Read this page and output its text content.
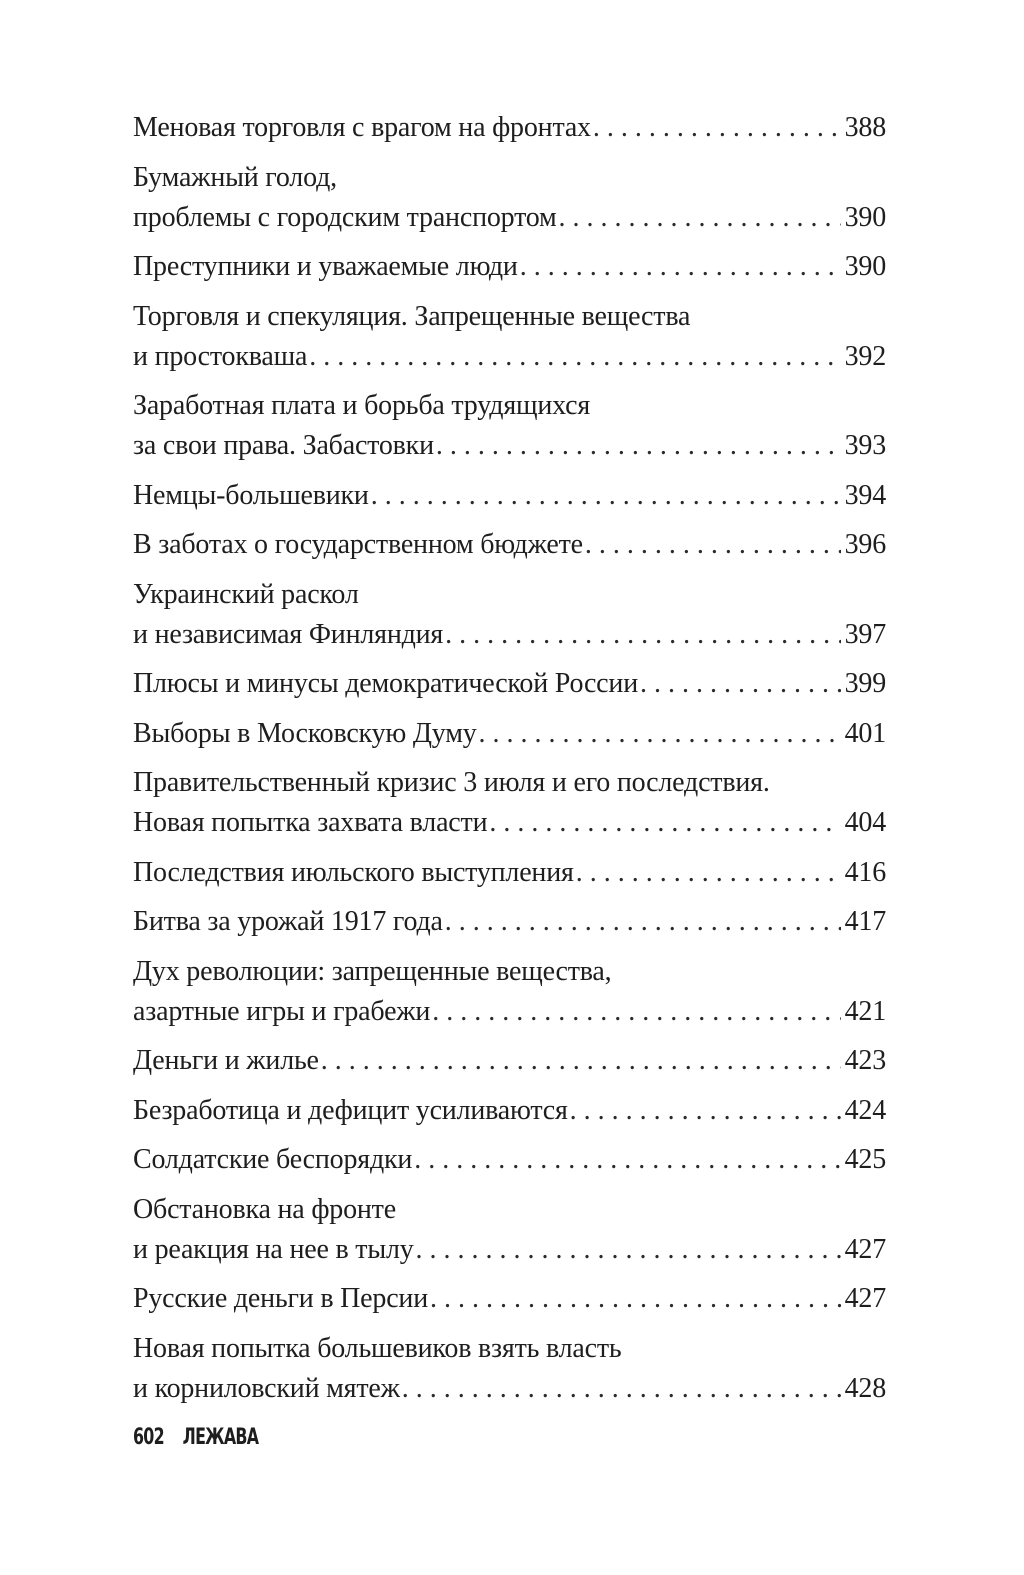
Меновая торговля с врагом на фронтах . . .	388
Бумажный голод,
проблемы с городским транспортом . . .	390
Преступники и уважаемые люди . . .	390
Торговля и спекуляция. Запрещенные вещества
и простокваша . . .	392
Заработная плата и борьба трудящихся
за свои права. Забастовки . . .	393
Немцы-большевики . . .	394
В заботах о государственном бюджете . . .	396
Украинский раскол
и независимая Финляндия . . .	397
Плюсы и минусы демократической России . . .	399
Выборы в Московскую Думу . . .	401
Правительственный кризис 3 июля и его последствия.
Новая попытка захвата власти . . .	404
Последствия июльского выступления . . .	416
Битва за урожай 1917 года . . .	417
Дух революции: запрещенные вещества,
азартные игры и грабежи . . .	421
Деньги и жилье . . .	423
Безработица и дефицит усиливаются . . .	424
Солдатские беспорядки . . .	425
Обстановка на фронте
и реакция на нее в тылу . . .	427
Русские деньги в Персии . . .	427
Новая попытка большевиков взять власть
и корниловский мятеж . . .	428
602 ЛЕЖАВА
